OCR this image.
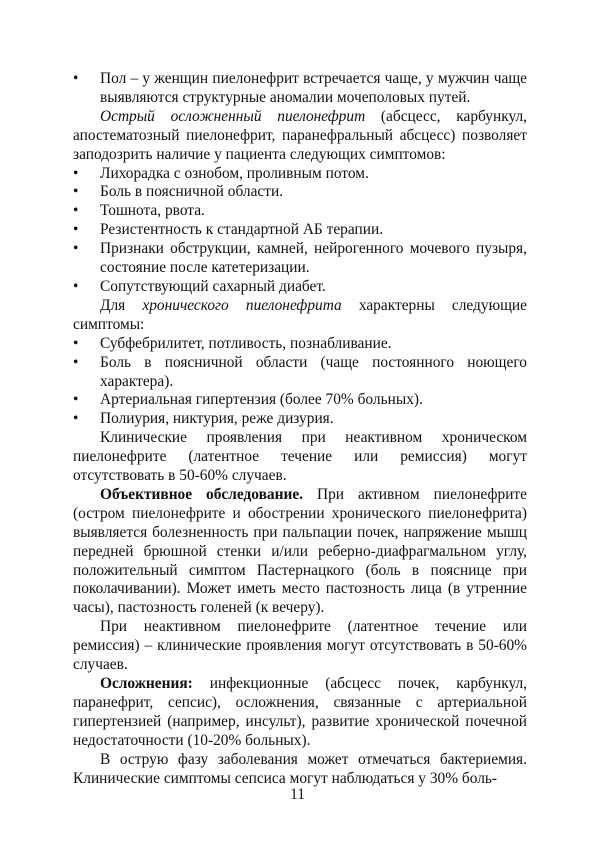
• Пол – у женщин пиелонефрит встречается чаще, у мужчин чаще выявляются структурные аномалии мочеполовых путей.

Острый осложненный пиелонефрит (абсцесс, карбункул, апостематозный пиелонефрит, паранефральный абсцесс) позволяет заподозрить наличие у пациента следующих симптомов:

• Лихорадка с ознобом, проливным потом.
• Боль в поясничной области.
• Тошнота, рвота.
• Резистентность к стандартной АБ терапии.
• Признаки обструкции, камней, нейрогенного мочевого пузыря, состояние после катетеризации.
• Сопутствующий сахарный диабет.

Для хронического пиелонефрита характерны следующие симптомы:

• Субфебрилитет, потливость, познабливание.
• Боль в поясничной области (чаще постоянного ноющего характера).
• Артериальная гипертензия (более 70% больных).
• Полиурия, никтурия, реже дизурия.

Клинические проявления при неактивном хроническом пиелонефрите (латентное течение или ремиссия) могут отсутствовать в 50-60% случаев.

Объективное обследование. При активном пиелонефрите (остром пиелонефрите и обострении хронического пиелонефрита) выявляется болезненность при пальпации почек, напряжение мышц передней брюшной стенки и/или реберно-диафрагмальном углу, положительный симптом Пастернацкого (боль в пояснице при поколачивании). Может иметь место пастозность лица (в утренние часы), пастозность голеней (к вечеру).

При неактивном пиелонефрите (латентное течение или ремиссия) – клинические проявления могут отсутствовать в 50-60% случаев.

Осложнения: инфекционные (абсцесс почек, карбункул, паранефрит, сепсис), осложнения, связанные с артериальной гипертензией (например, инсульт), развитие хронической почечной недостаточности (10-20% больных).

В острую фазу заболевания может отмечаться бактериемия. Клинические симптомы сепсиса могут наблюдаться у 30% боль-

11
